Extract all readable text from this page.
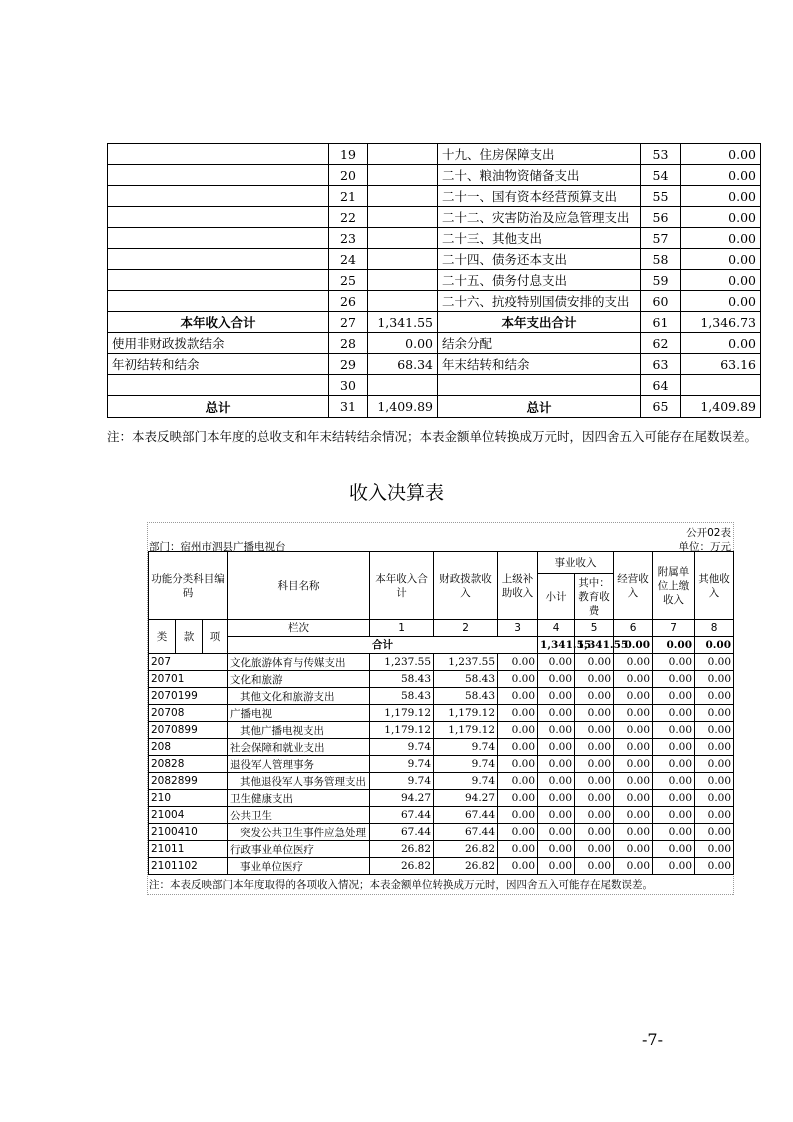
	19		十九、住房保障支出	53	0.00
	20		二十、粮油物资储备支出	54	0.00
	21		二十一、国有资本经营预算支出	55	0.00
	22		二十二、灾害防治及应急管理支出	56	0.00
	23		二十三、其他支出	57	0.00
	24		二十四、债务还本支出	58	0.00
	25		二十五、债务付息支出	59	0.00
	26		二十六、抗疫特别国债安排的支出	60	0.00
本年收入合计	27	1,341.55	本年支出合计	61	1,346.73
使用非财政拨款结余	28	0.00	结余分配	62	0.00
年初结转和结余	29	68.34	年末结转和结余	63	63.16
	30			64	
总计	31	1,409.89	总计	65	1,409.89
注：本表反映部门本年度的总收支和年末结转结余情况；本表金额单位转换成万元时，因四舍五入可能存在尾数误差。
收入决算表
公开02表
部门：宿州市泗县广播电视台	单位：万元
功能分类科目编码			科目名称	本年收入合计	财政拨款收入	上级补助收入	事业收入		经营收入	附属单位上缴收入	其他收入	
							小计	其中：教育收费				

类	款	项	栏次	1	2	3	4	5	6	7	8	
			合计				1,341.55	1,341.55	0.00	0.00	0.00			
207			文化旅游体育与传媒支出	1,237.55	1,237.55	0.00	0.00	0.00	0.00	0.00	0.00	
20701			文化和旅游	58.43	58.43	0.00	0.00	0.00	0.00	0.00	0.00	
2070199			其他文化和旅游支出	58.43	58.43	0.00	0.00	0.00	0.00	0.00	0.00	
20708			广播电视	1,179.12	1,179.12	0.00	0.00	0.00	0.00	0.00	0.00	
2070899			其他广播电视支出	1,179.12	1,179.12	0.00	0.00	0.00	0.00	0.00	0.00	
208			社会保障和就业支出	9.74	9.74	0.00	0.00	0.00	0.00	0.00	0.00	
20828			退役军人管理事务	9.74	9.74	0.00	0.00	0.00	0.00	0.00	0.00	
2082899			其他退役军人事务管理支出	9.74	9.74	0.00	0.00	0.00	0.00	0.00	0.00	
210			卫生健康支出	94.27	94.27	0.00	0.00	0.00	0.00	0.00	0.00	
21004			公共卫生	67.44	67.44	0.00	0.00	0.00	0.00	0.00	0.00	
2100410			突发公共卫生事件应急处理	67.44	67.44	0.00	0.00	0.00	0.00	0.00	0.00	
21011			行政事业单位医疗	26.82	26.82	0.00	0.00	0.00	0.00	0.00	0.00	
2101102			事业单位医疗	26.82	26.82	0.00	0.00	0.00	0.00	0.00	0.00	
注：本表反映部门本年度取得的各项收入情况；本表金额单位转换成万元时，因四舍五入可能存在尾数误差。
-7-
